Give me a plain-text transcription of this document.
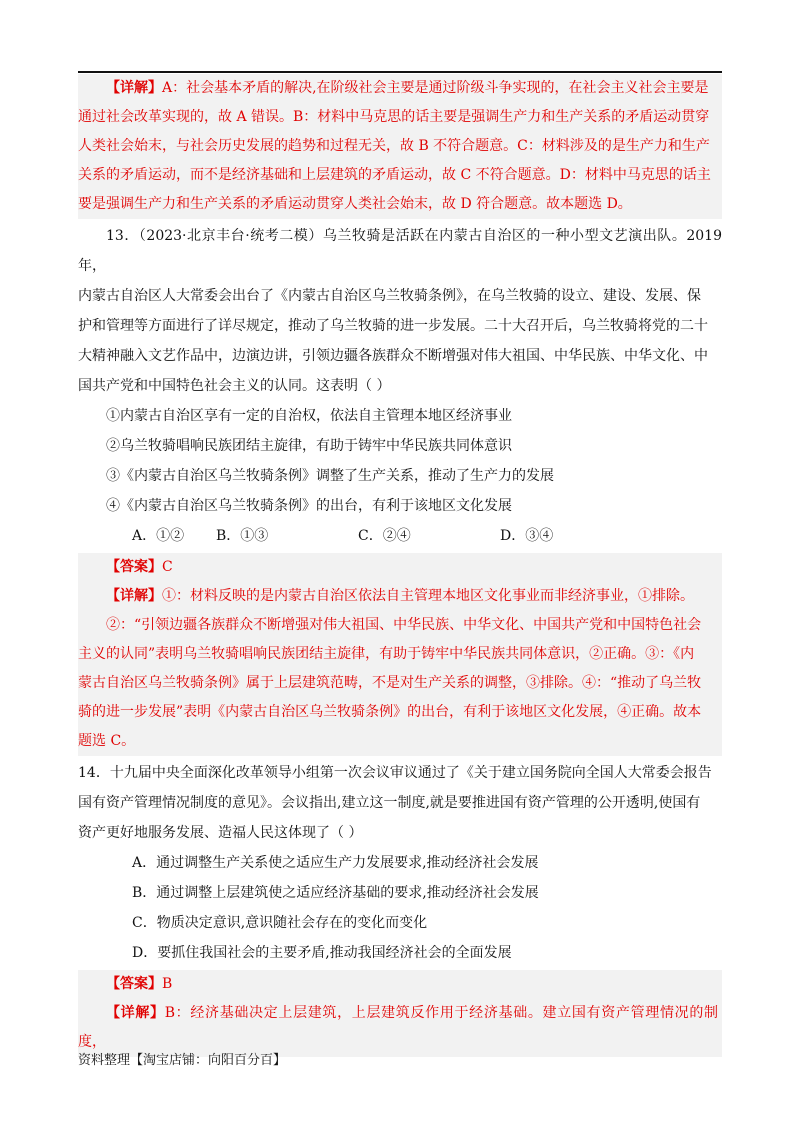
【详解】A：社会基本矛盾的解决,在阶级社会主要是通过阶级斗争实现的，在社会主义社会主要是

通过社会改革实现的，故 A 错误。B：材料中马克思的话主要是强调生产力和生产关系的矛盾运动贯穿

人类社会始末，与社会历史发展的趋势和过程无关，故 B 不符合题意。C：材料涉及的是生产力和生产

关系的矛盾运动，而不是经济基础和上层建筑的矛盾运动，故 C 不符合题意。D：材料中马克思的话主

要是强调生产力和生产关系的矛盾运动贯穿人类社会始末，故 D 符合题意。故本题选 D。

13．（2023·北京丰台·统考二模）乌兰牧骑是活跃在内蒙古自治区的一种小型文艺演出队。2019 年，

内蒙古自治区人大常委会出台了《内蒙古自治区乌兰牧骑条例》，在乌兰牧骑的设立、建设、发展、保

护和管理等方面进行了详尽规定，推动了乌兰牧骑的进一步发展。二十大召开后，乌兰牧骑将党的二十

大精神融入文艺作品中，边演边讲，引领边疆各族群众不断增强对伟大祖国、中华民族、中华文化、中

国共产党和中国特色社会主义的认同。这表明（ ）

①内蒙古自治区享有一定的自治权，依法自主管理本地区经济事业

②乌兰牧骑唱响民族团结主旋律，有助于铸牢中华民族共同体意识

③《内蒙古自治区乌兰牧骑条例》调整了生产关系，推动了生产力的发展

④《内蒙古自治区乌兰牧骑条例》的出台，有利于该地区文化发展

A．①②	B．①③	C．②④	D．③④

【答案】C

【详解】①：材料反映的是内蒙古自治区依法自主管理本地区文化事业而非经济事业，①排除。

②：“引领边疆各族群众不断增强对伟大祖国、中华民族、中华文化、中国共产党和中国特色社会

主义的认同”表明乌兰牧骑唱响民族团结主旋律，有助于铸牢中华民族共同体意识，②正确。③：《内

蒙古自治区乌兰牧骑条例》属于上层建筑范畴，不是对生产关系的调整，③排除。④：“推动了乌兰牧

骑的进一步发展”表明《内蒙古自治区乌兰牧骑条例》的出台，有利于该地区文化发展，④正确。故本

题选 C。

14．十九届中央全面深化改革领导小组第一次会议审议通过了《关于建立国务院向全国人大常委会报告

国有资产管理情况制度的意见》。会议指出,建立这一制度,就是要推进国有资产管理的公开透明,使国有

资产更好地服务发展、造福人民这体现了（ ）

A．通过调整生产关系使之适应生产力发展要求,推动经济社会发展

B．通过调整上层建筑使之适应经济基础的要求,推动经济社会发展

C．物质决定意识,意识随社会存在的变化而变化

D．要抓住我国社会的主要矛盾,推动我国经济社会的全面发展

【答案】B

【详解】B：经济基础决定上层建筑，上层建筑反作用于经济基础。建立国有资产管理情况的制度，

资料整理【淘宝店铺：向阳百分百】
